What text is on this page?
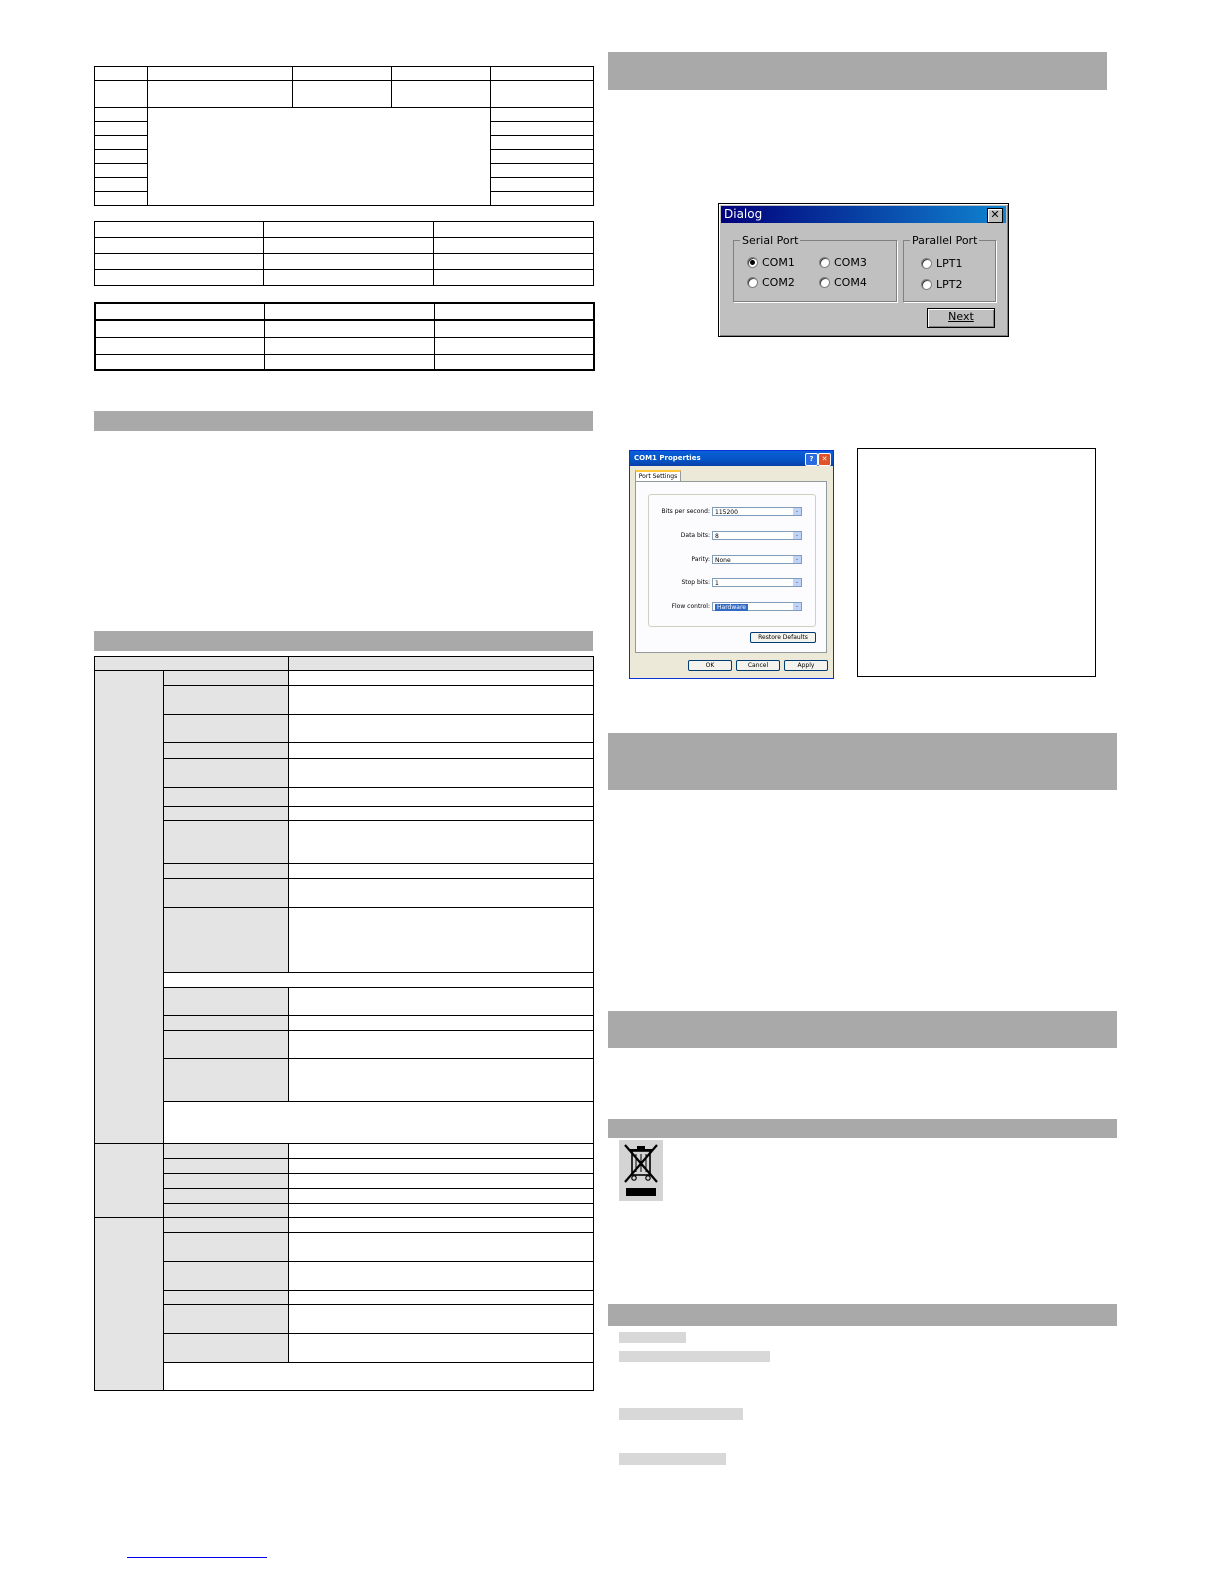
Dialog	✕
Serial Port	Parallel Port
COM1
COM2
COM3
COM4
LPT1
LPT2
Next
COM1 Properties	?	✕
Port Settings
Bits per second: 115200	⌄
Data bits: 8	⌄
Parity: None	⌄
Stop bits: 1	⌄
Flow control:	Hardware	⌄
Restore Defaults
OK	Cancel	Apply
